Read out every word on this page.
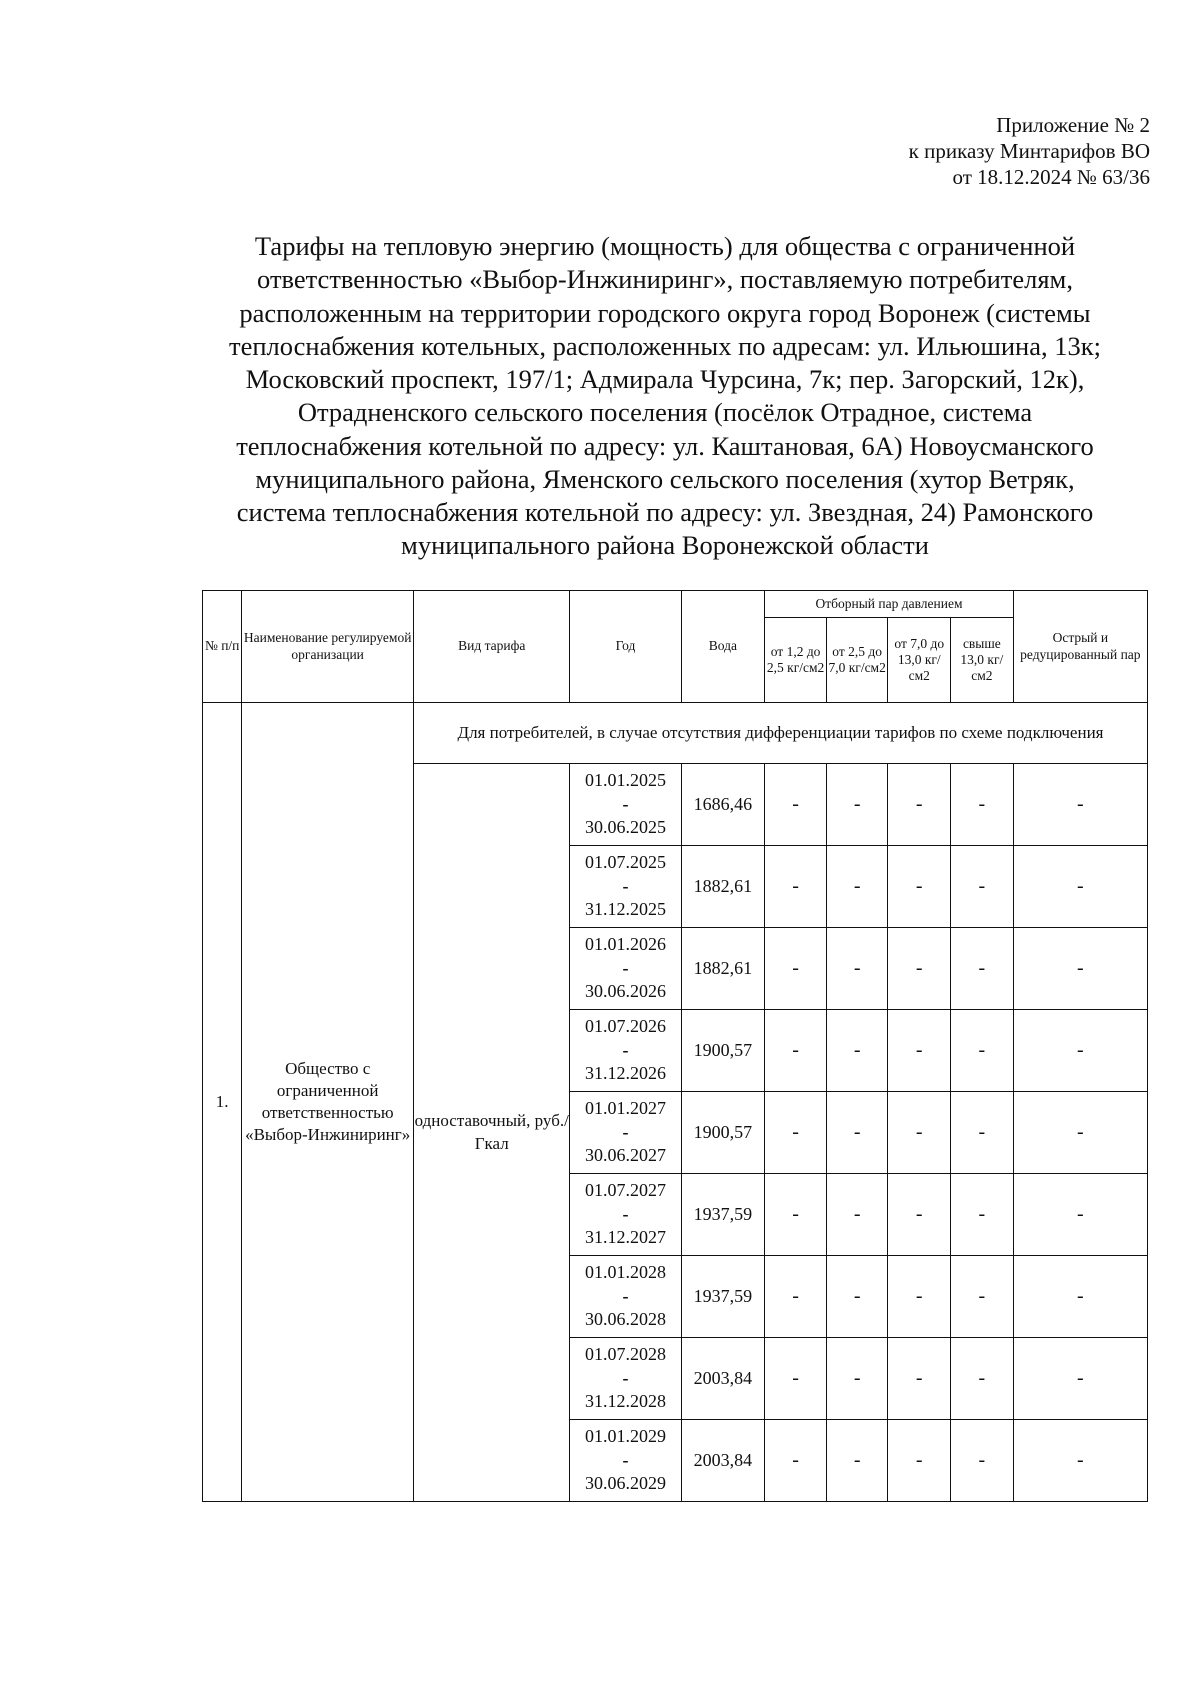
Приложение № 2
к приказу Минтарифов ВО
от 18.12.2024 № 63/36
Тарифы на тепловую энергию (мощность) для общества с ограниченной
ответственностью «Выбор-Инжиниринг», поставляемую потребителям,
расположенным на территории городского округа город Воронеж (системы
теплоснабжения котельных, расположенных по адресам: ул. Ильюшина, 13к;
Московский проспект, 197/1; Адмирала Чурсина, 7к; пер. Загорский, 12к),
Отрадненского сельского поселения (посёлок Отрадное, система
теплоснабжения котельной по адресу: ул. Каштановая, 6А) Новоусманского
муниципального района, Яменского сельского поселения (хутор Ветряк,
система теплоснабжения котельной по адресу: ул. Звездная, 24) Рамонского
муниципального района Воронежской области
№ п/п	Наименование регулируемой организации	Вид тарифа	Год	Вода	Отборный пар давлением				Острый и редуцированный пар
					от 1,2 до 2,5 кг/см2	от 2,5 до 7,0 кг/см2	от 7,0 до 13,0 кг/см2	свыше 13,0 кг/см2	
1.	Общество с ограниченной ответственностью «Выбор-Инжиниринг»	Для потребителей, в случае отсутствия дифференциации тарифов по схеме подключения							
		одноставочный, руб./Гкал	01.01.2025
-
30.06.2025	1686,46	-	-	-	-	-

			01.07.2025
-
31.12.2025	1882,61	-	-	-	-	-

			01.01.2026
-
30.06.2026	1882,61	-	-	-	-	-

			01.07.2026
-
31.12.2026	1900,57	-	-	-	-	-

			01.01.2027
-
30.06.2027	1900,57	-	-	-	-	-

			01.07.2027
-
31.12.2027	1937,59	-	-	-	-	-

			01.01.2028
-
30.06.2028	1937,59	-	-	-	-	-

			01.07.2028
-
31.12.2028	2003,84	-	-	-	-	-

			01.01.2029
-
30.06.2029	2003,84	-	-	-	-	-
